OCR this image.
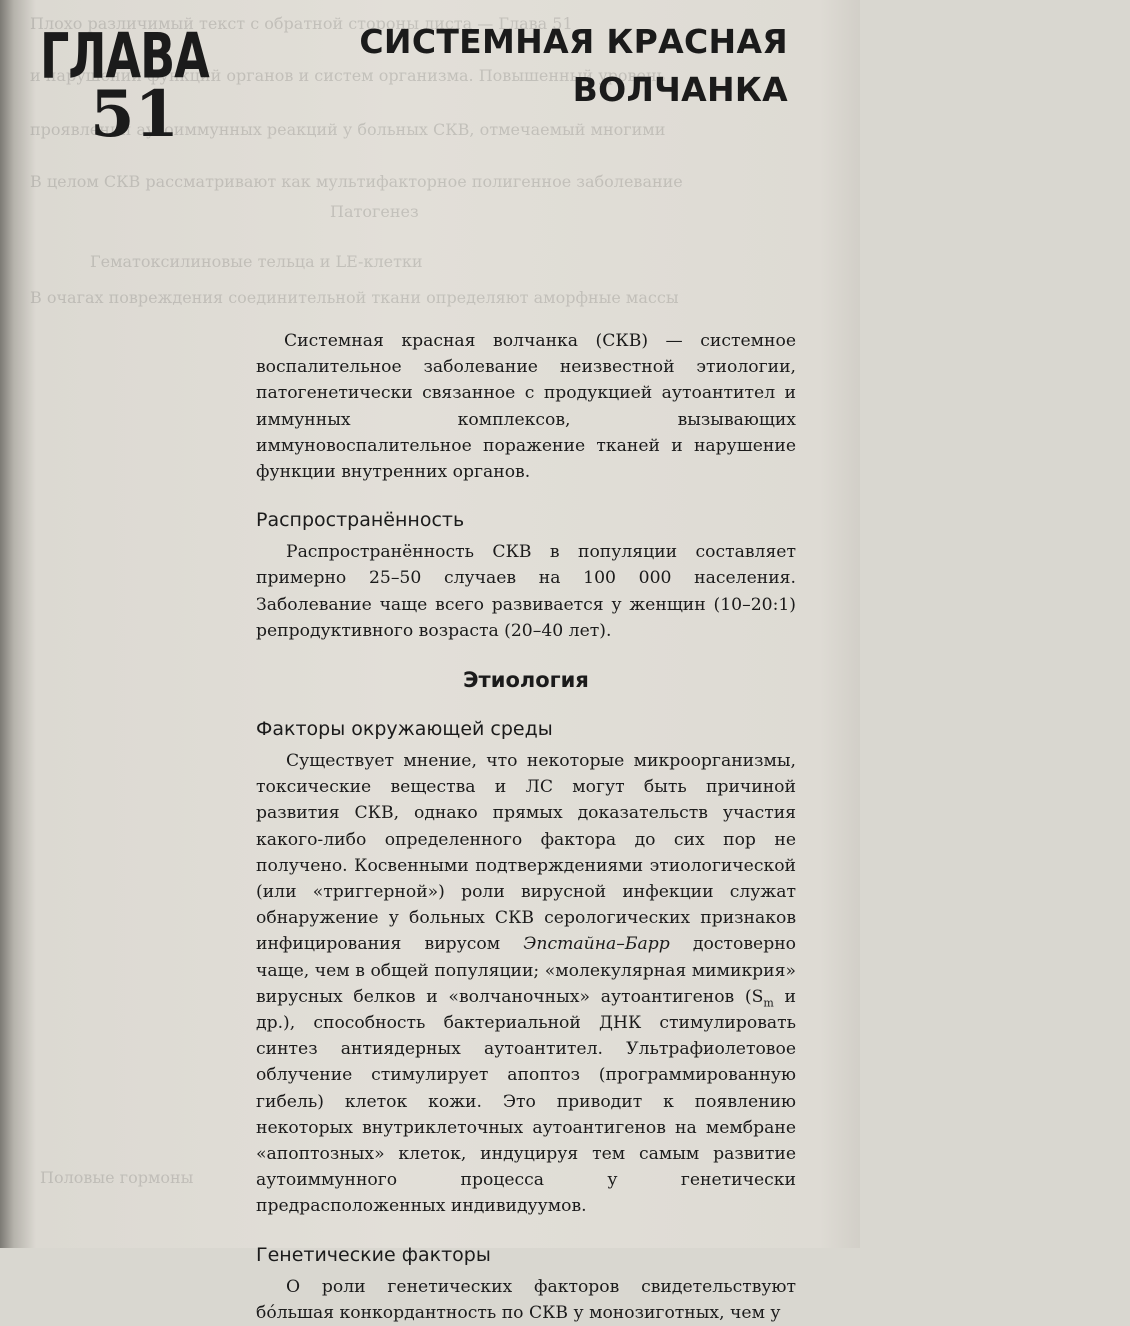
Плохо различимый текст с обратной стороны листа — Глава 51
и нарушении функций органов и систем организма. Повышенный уровень
проявлений аутоиммунных реакций у больных СКВ, отмечаемый многими
В целом СКВ рассматривают как мультифакторное полигенное заболевание
Гематоксилиновые тельца и LE-клетки
В очагах повреждения соединительной ткани определяют аморфные массы
Патогенез
Половые гормоны
ГЛАВА
51
СИСТЕМНАЯ КРАСНАЯ
ВОЛЧАНКА

Системная красная волчанка (СКВ) — системное воспалительное заболевание неизвестной этиологии, патогенетически связанное с продукцией аутоантител и иммунных комплексов, вызывающих иммуновоспалительное поражение тканей и нарушение функции внутренних органов.

Распространённость

Распространённость СКВ в популяции составляет примерно 25–50 случаев на 100 000 населения. Заболевание чаще всего развивается у женщин (10–20:1) репродуктивного возраста (20–40 лет).

Этиология
Факторы окружающей среды

Существует мнение, что некоторые микроорганизмы, токсические вещества и ЛС могут быть причиной развития СКВ, однако прямых доказательств участия какого-либо определенного фактора до сих пор не получено. Косвенными подтверждениями этиологической (или «триггерной») роли вирусной инфекции служат обнаружение у больных СКВ серологических признаков инфицирования вирусом Эпстайна–Барр достоверно чаще, чем в общей популяции; «молекулярная мимикрия» вирусных белков и «волчаночных» аутоантигенов ($S_m$ и др.), способность бактериальной ДНК стимулировать синтез антиядерных аутоантител. Ультрафиолетовое облучение стимулирует апоптоз (программированную гибель) клеток кожи. Это приводит к появлению некоторых внутриклеточных аутоантигенов на мембране «апоптозных» клеток, индуцируя тем самым развитие аутоиммунного процесса у генетически предрасположенных индивидуумов.

Генетические факторы

О роли генетических факторов свидетельствуют бóльшая конкордантность по СКВ у монозиготных, чем у
